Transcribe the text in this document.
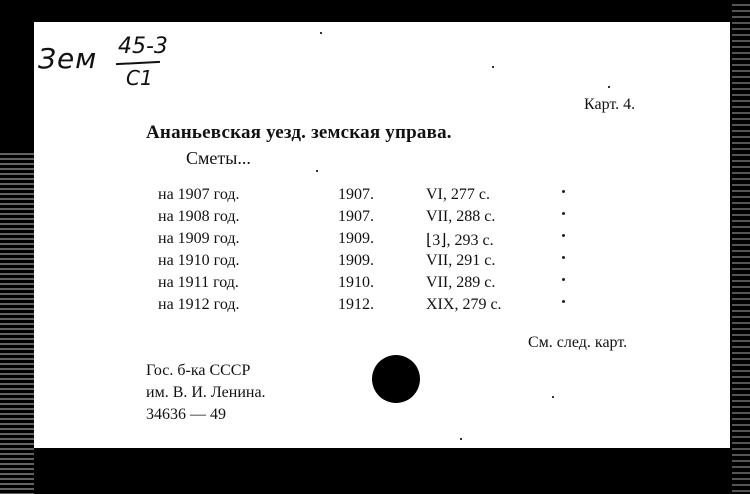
Зем 45-3
С1
Карт. 4.
Ананьевская уезд. земская управа.
Сметы...
на 1907 год.	1907.	VI, 277 с.
на 1908 год.	1907.	VII, 288 с.
на 1909 год.	1909.	⌊3⌋, 293 с.
на 1910 год.	1909.	VII, 291 с.
на 1911 год.	1910.	VII, 289 с.
на 1912 год.	1912.	XIX, 279 с.
См. след. карт.
Гос. б-ка СССР
им. В. И. Ленина.
34636 — 49
